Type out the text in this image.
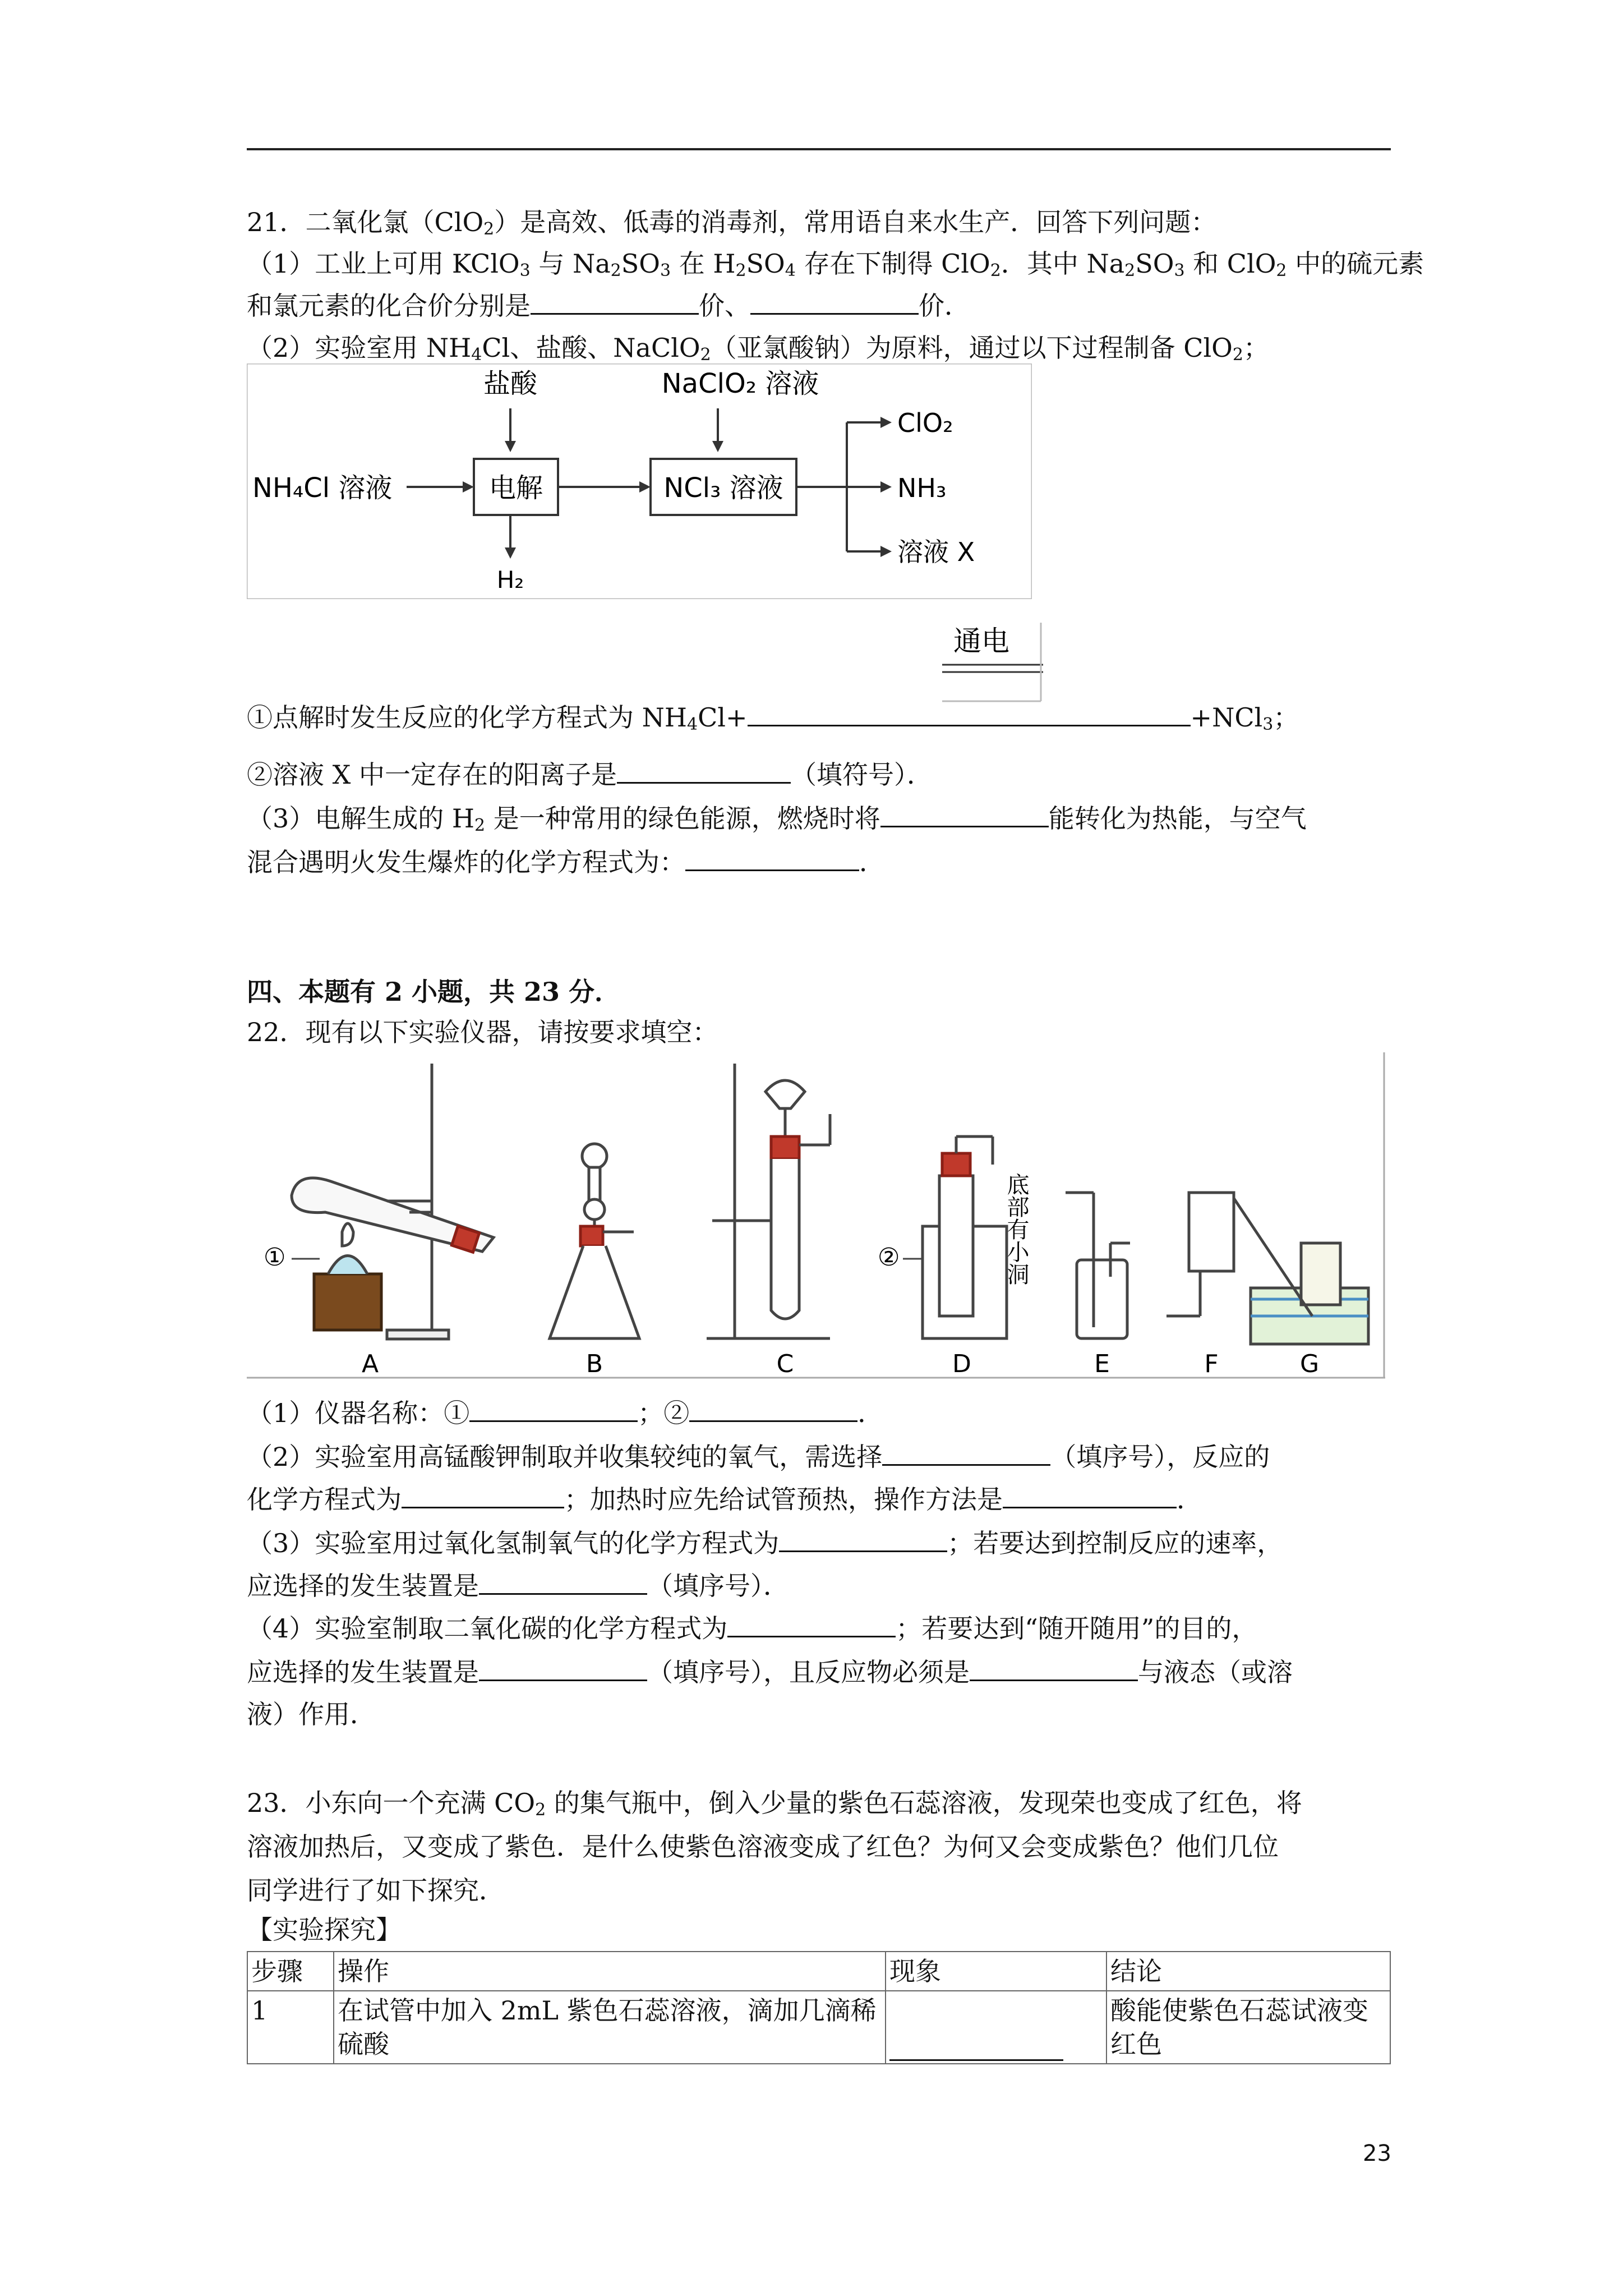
21．二氧化氯（ClO$_2$）是高效、低毒的消毒剂，常用语自来水生产．回答下列问题：
（1）工业上可用 KClO$_3$ 与 $Na_2SO_3$ 在 $H_2SO_4$ 存在下制得 ClO$_2$．其中 $Na_2SO_3$ 和 ClO$_2$ 中的硫元素
和氯元素的化合价分别是	价、	价．
（2）实验室用 $NH_4Cl$、盐酸、NaClO$_2$（亚氯酸钠）为原料，通过以下过程制备 ClO$_2$；
盐酸	NaClO₂ 溶液
NH₄Cl 溶液	电解	NCl₃ 溶液
ClO₂
NH₃
溶液 X
H₂
通电
①点解时发生反应的化学方程式为 $NH_4Cl+$	+NCl$_3$；
②溶液 X 中一定存在的阳离子是	（填符号）．
（3）电解生成的 $H_2$ 是一种常用的绿色能源，燃烧时将	能转化为热能，与空气
混合遇明火发生爆炸的化学方程式为：	．
四、本题有 2 小题，共 23 分．
22．现有以下实验仪器，请按要求填空：
①	②	底部有小洞
A	B	C	D	E	F	G
（1）仪器名称：①	；②	．
（2）实验室用高锰酸钾制取并收集较纯的氧气，需选择	（填序号），反应的
化学方程式为	；加热时应先给试管预热，操作方法是	．
（3）实验室用过氧化氢制氧气的化学方程式为	；若要达到控制反应的速率，
应选择的发生装置是	（填序号）．
（4）实验室制取二氧化碳的化学方程式为	；若要达到“随开随用”的目的，
应选择的发生装置是	（填序号），且反应物必须是	与液态（或溶
液）作用．
23．小东向一个充满 $CO_2$ 的集气瓶中，倒入少量的紫色石蕊溶液，发现荣也变成了红色，将
溶液加热后，又变成了紫色．是什么使紫色溶液变成了红色？为何又会变成紫色？他们几位
同学进行了如下探究．
【实验探究】
步骤	操作	现象	结论
1	在试管中加入 2mL 紫色石蕊溶液，滴加几滴稀硫酸		酸能使紫色石蕊试液变红色
23
